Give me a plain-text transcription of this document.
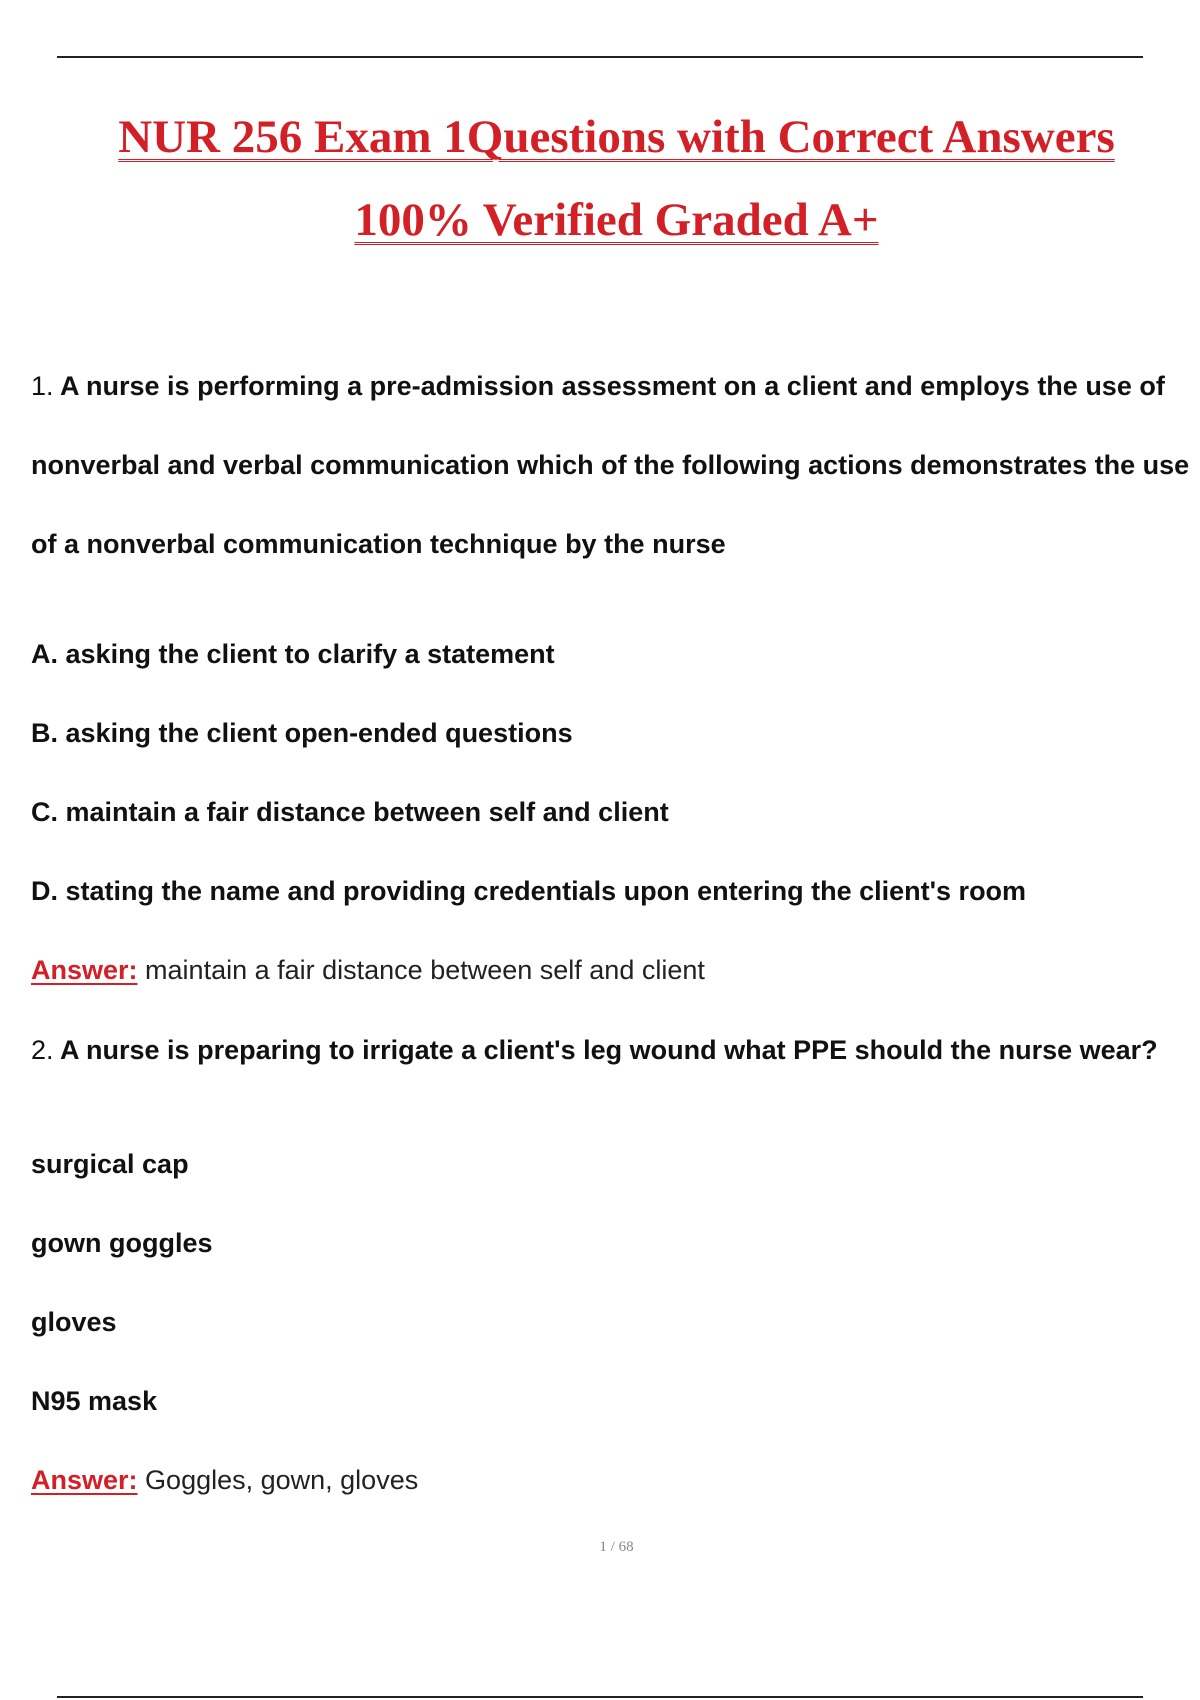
NUR 256 Exam 1Questions with Correct Answers
100% Verified Graded A+
1. A nurse is performing a pre-admission assessment on a client and employs the use of
nonverbal and verbal communication which of the following actions demonstrates the use
of a nonverbal communication technique by the nurse
A. asking the client to clarify a statement
B. asking the client open-ended questions
C. maintain a fair distance between self and client
D. stating the name and providing credentials upon entering the client's room
Answer: maintain a fair distance between self and client
2. A nurse is preparing to irrigate a client's leg wound what PPE should the nurse wear?
surgical cap
gown goggles
gloves
N95 mask
Answer: Goggles, gown, gloves
1 / 68
